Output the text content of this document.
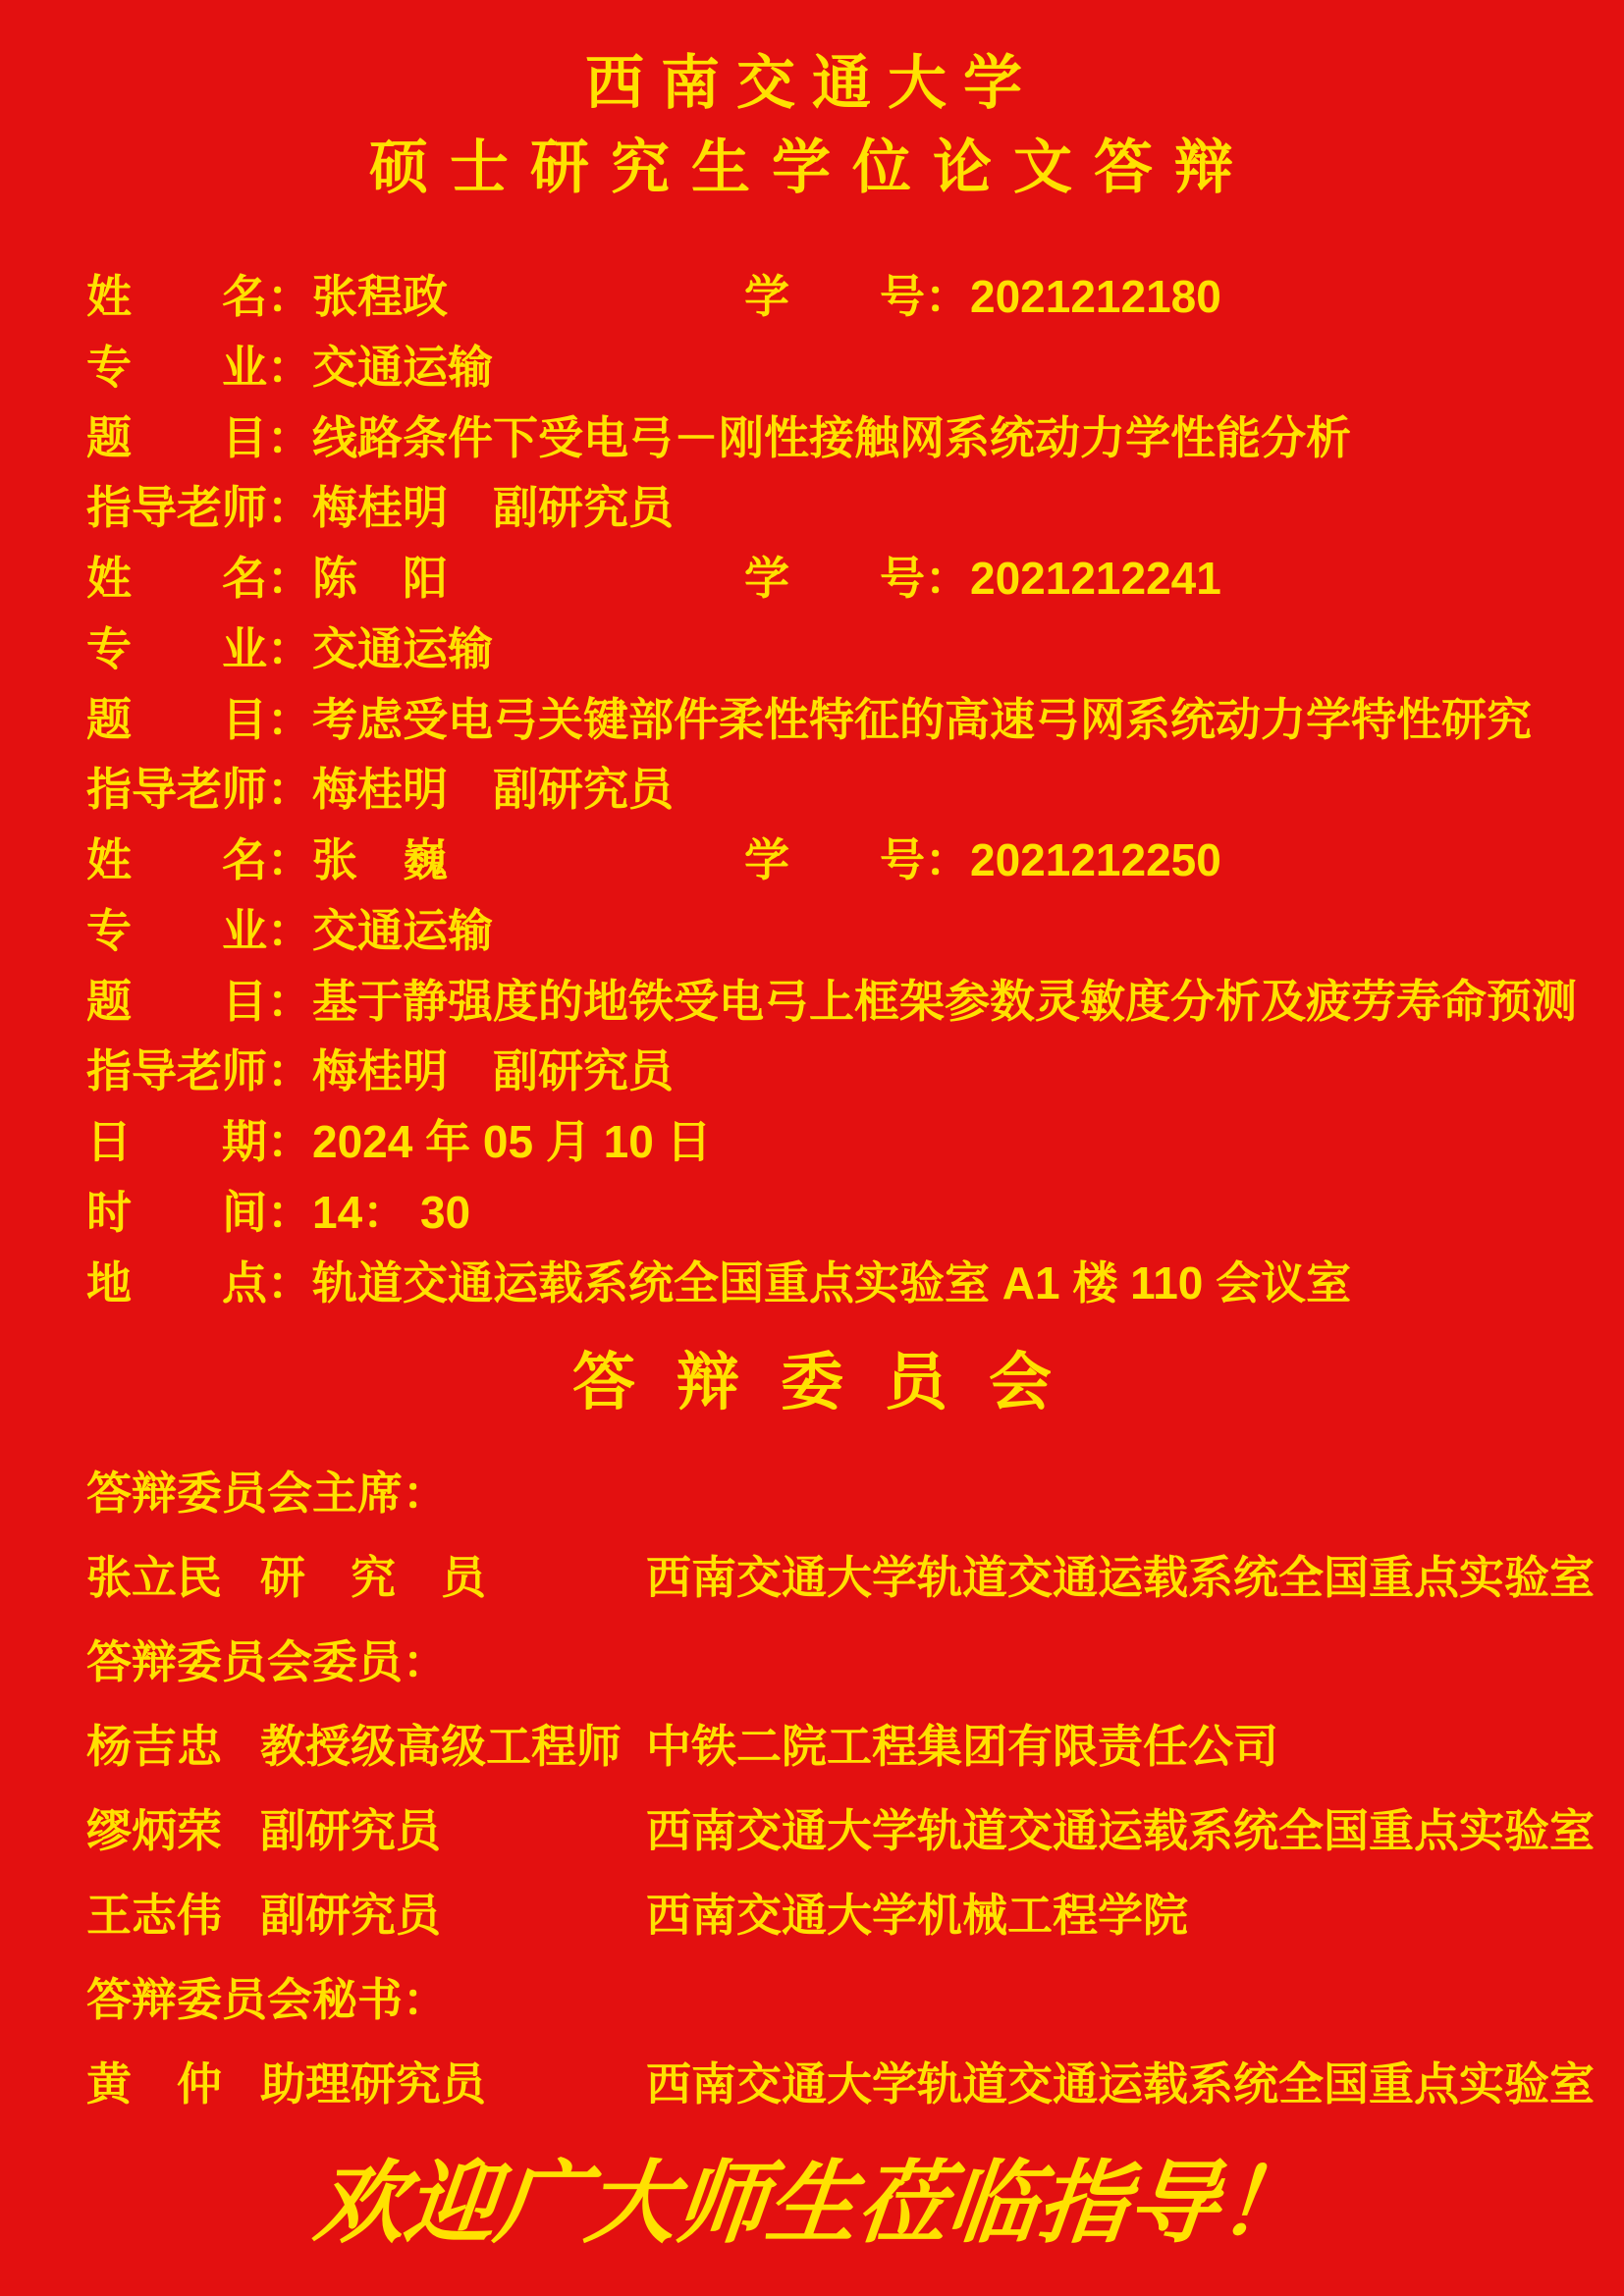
西南交通大学
硕士研究生学位论文答辩
姓　　名：张程政	学　　号：2021212180
专　　业：交通运输
题　　目：线路条件下受电弓－刚性接触网系统动力学性能分析
指导老师：梅桂明　副研究员
姓　　名：陈　阳	学　　号：2021212241
专　　业：交通运输
题　　目：考虑受电弓关键部件柔性特征的高速弓网系统动力学特性研究
指导老师：梅桂明　副研究员
姓　　名：张　巍	学　　号：2021212250
专　　业：交通运输
题　　目：基于静强度的地铁受电弓上框架参数灵敏度分析及疲劳寿命预测
指导老师：梅桂明　副研究员
日　　期：2024 年 05 月 10 日
时　　间：14： 30
地　　点：轨道交通运载系统全国重点实验室 A1 楼 110 会议室
答辩委员会
答辩委员会主席：
张立民 研　究　员	西南交通大学轨道交通运载系统全国重点实验室
答辩委员会委员：
杨吉忠 教授级高级工程师 中铁二院工程集团有限责任公司
缪炳荣 副研究员	西南交通大学轨道交通运载系统全国重点实验室
王志伟 副研究员	西南交通大学机械工程学院
答辩委员会秘书：
黄　仲 助理研究员	西南交通大学轨道交通运载系统全国重点实验室
欢迎广大师生莅临指导！
